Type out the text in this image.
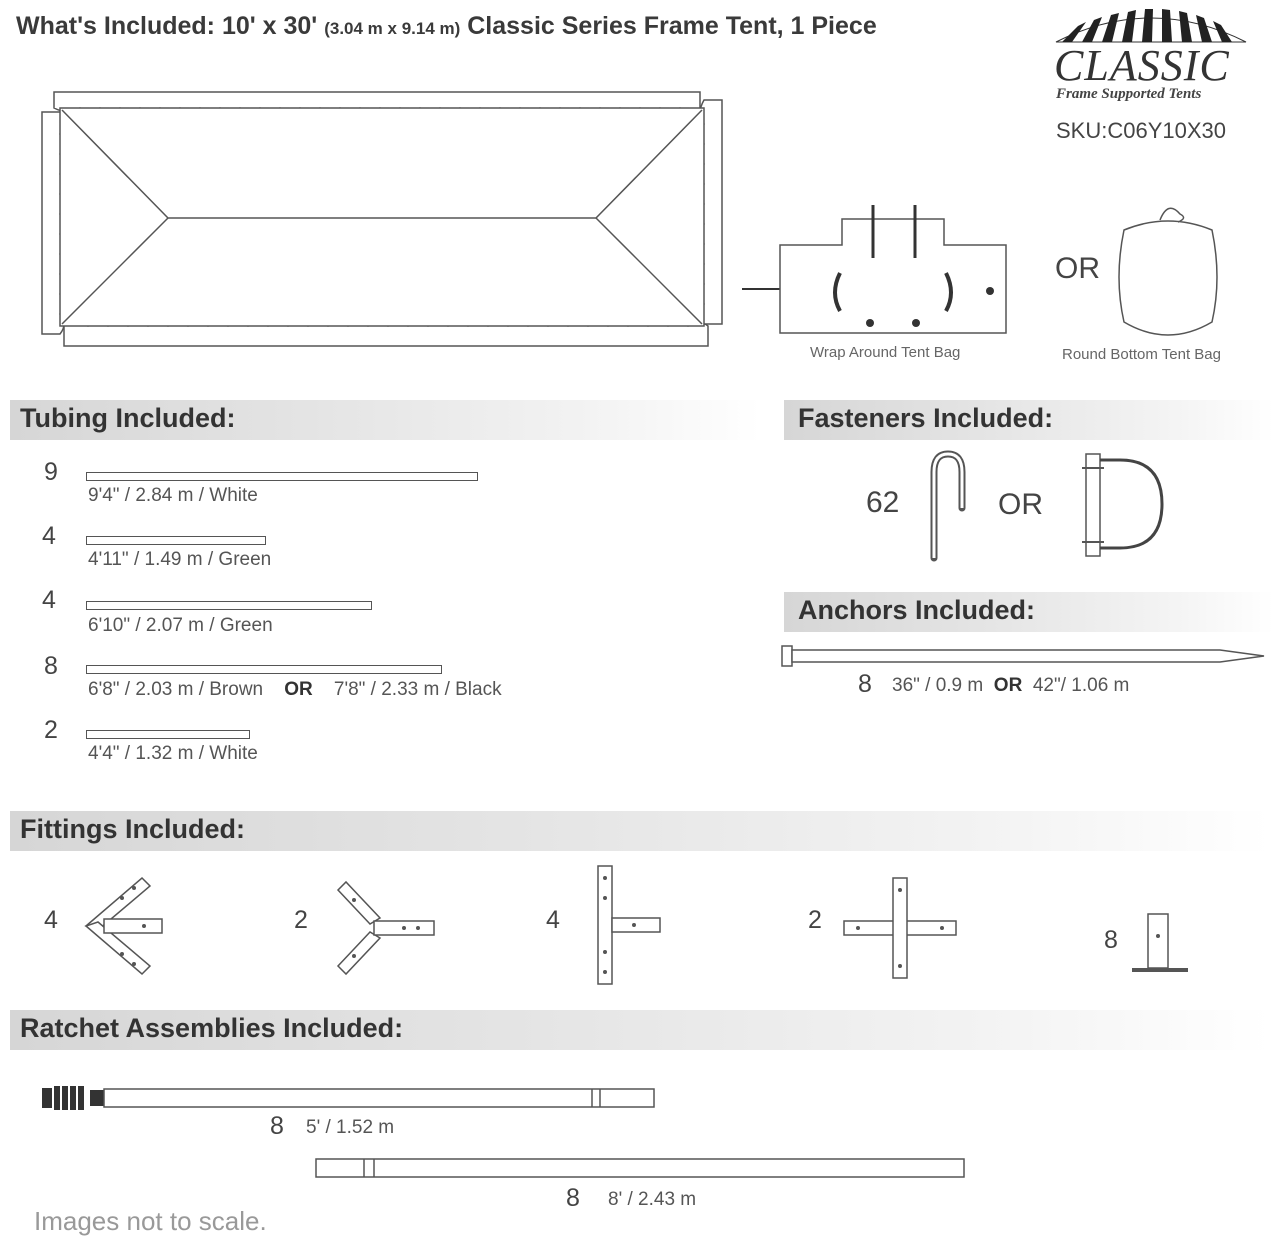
What's Included: 10' x 30' (3.04 m x 9.14 m) Classic Series Frame Tent, 1 Piece
CLASSIC
Frame Supported Tents
SKU:C06Y10X30
Wrap Around Tent Bag
OR
Round Bottom Tent Bag
Tubing Included:
9
9'4" / 2.84 m / White
4
4'11" / 1.49 m / Green
4
6'10" / 2.07 m / Green
8
6'8" / 2.03 m / Brown OR 7'8" / 2.33 m / Black
2
4'4" / 1.32 m / White
Fasteners Included:
62	OR
Anchors Included:
8 36" / 0.9 m OR 42"/ 1.06 m
Fittings Included:
4	2	4	2
8
Ratchet Assemblies Included:
8 5' / 1.52 m
8 8' / 2.43 m
Images not to scale.
